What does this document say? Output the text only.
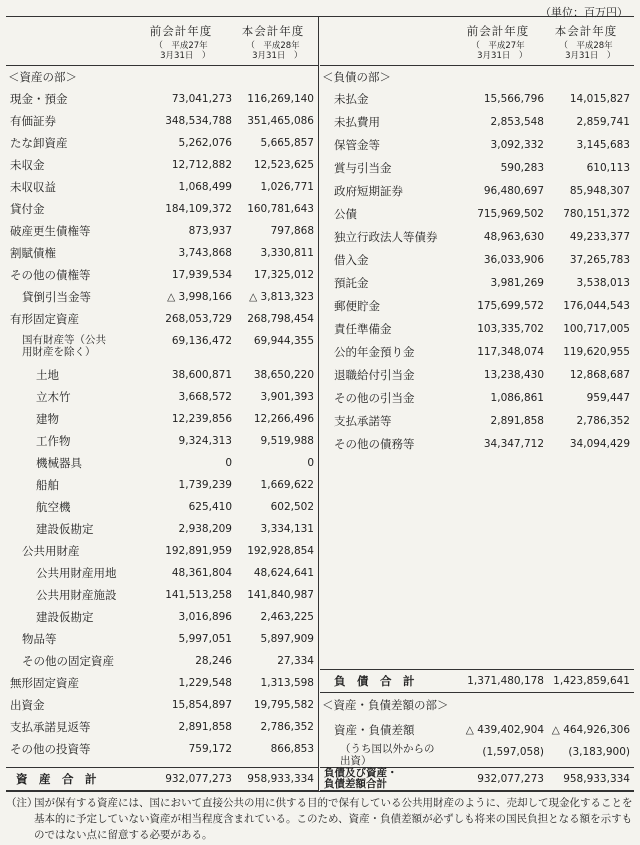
（単位：百万円）
前会計年度
（　平成27年
　3月31日　）
本会計年度
（　平成28年
　3月31日　）
＜資産の部＞
現金・預金	73,041,273	116,269,140
有価証券	348,534,788	351,465,086
たな卸資産	5,262,076	5,665,857
未収金	12,712,882	12,523,625
未収収益	1,068,499	1,026,771
貸付金	184,109,372	160,781,643
破産更生債権等	873,937	797,868
割賦債権	3,743,868	3,330,811
その他の債権等	17,939,534	17,325,012
貸倒引当金等	△ 3,998,166	△ 3,813,323
有形固定資産	268,053,729	268,798,454
国有財産等（公共
用財産を除く）
69,136,472	69,944,355
土地	38,600,871	38,650,220
立木竹	3,668,572	3,901,393
建物	12,239,856	12,266,496
工作物	9,324,313	9,519,988
機械器具	0	0
船舶	1,739,239	1,669,622
航空機	625,410	602,502
建設仮勘定	2,938,209	3,334,131
公共用財産	192,891,959	192,928,854
公共用財産用地	48,361,804	48,624,641
公共用財産施設	141,513,258	141,840,987
建設仮勘定	3,016,896	2,463,225
物品等	5,997,051	5,897,909
その他の固定資産	28,246	27,334
無形固定資産	1,229,548	1,313,598
出資金	15,854,897	19,795,582
支払承諾見返等	2,891,858	2,786,352
その他の投資等	759,172	866,853
資　産　合　計	932,077,273 958,933,334
前会計年度
（　平成27年
　3月31日　）
本会計年度
（　平成28年
　3月31日　）
＜負債の部＞
未払金	15,566,796	14,015,827
未払費用	2,853,548	2,859,741
保管金等	3,092,332	3,145,683
賞与引当金	590,283	610,113
政府短期証券	96,480,697	85,948,307
公債	715,969,502	780,151,372
独立行政法人等債券	48,963,630	49,233,377
借入金	36,033,906	37,265,783
預託金	3,981,269	3,538,013
郵便貯金	175,699,572	176,044,543
責任準備金	103,335,702	100,717,005
公的年金預り金	117,348,074	119,620,955
退職給付引当金	13,238,430	12,868,687
その他の引当金	1,086,861	959,447
支払承諾等	2,891,858	2,786,352
その他の債務等	34,347,712	34,094,429
負　債　合　計	1,371,480,178 1,423,859,641
＜資産・負債差額の部＞
資産・負債差額	△ 439,402,904 △ 464,926,306
（うち国以外からの
出資）
(1,597,058)	(3,183,900)
負債及び資産・
負債差額合計	932,077,273 958,933,334
（注）
国が保有する資産には、国において直接公共の用に供する目的で保有している公共用財産のように、売却して現金化することを基本的に予定していない資産が相当程度含まれている。このため、資産・負債差額が必ずしも将来の国民負担となる額を示すものではない点に留意する必要がある。
